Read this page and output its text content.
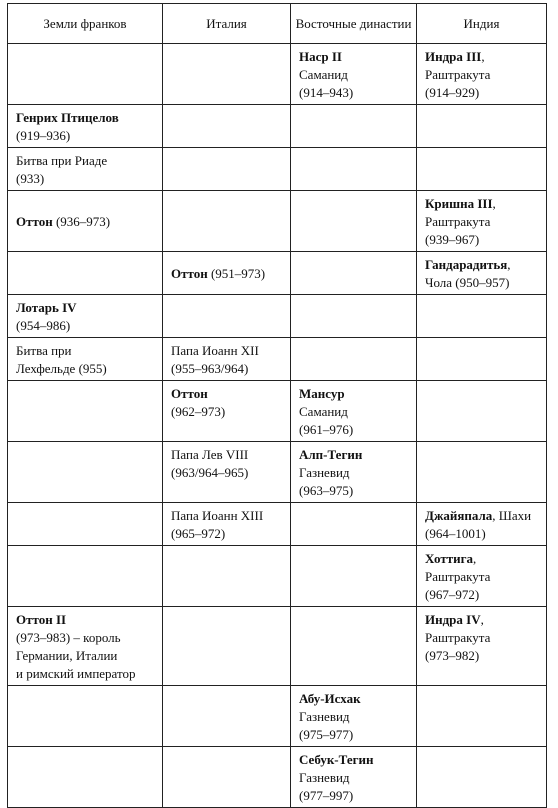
Земли франков	Италия	Восточные династии	Индия

		Наср II
Саманид
(914–943)	Индра III,
Раштракута
(914–929)

Генрих Птицелов
(919–936)			

Битва при Риаде
(933)			

Оттон (936–973)			Кришна III,
Раштракута
(939–967)

	Оттон (951–973)		Гандарадитья,
Чола (950–957)

Лотарь IV
(954–986)			

Битва при
Лехфельде (955)	Папа Иоанн XII
(955–963/964)		

	Оттон
(962–973)	Мансур
Саманид
(961–976)	

	Папа Лев VIII
(963/964–965)	Алп-Тегин
Газневид
(963–975)	

	Папа Иоанн XIII
(965–972)		Джайяпала, Шахи
(964–1001)

			Хоттига,
Раштракута
(967–972)

Оттон II
(973–983) – король
Германии, Италии
и римский император			Индра IV,
Раштракута
(973–982)

		Абу-Исхак
Газневид
(975–977)	

		Себук-Тегин
Газневид
(977–997)	
